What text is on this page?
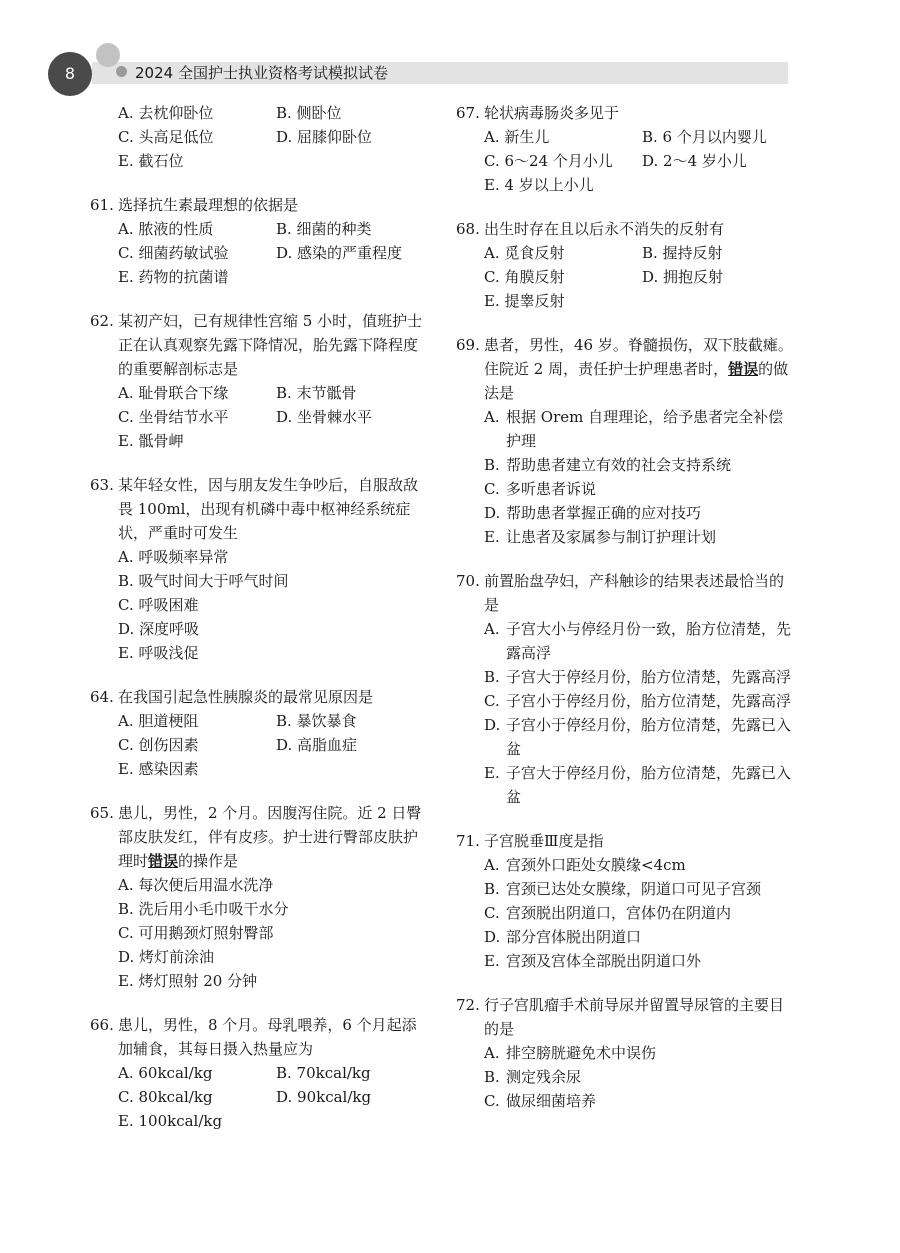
8	2024 全国护士执业资格考试模拟试卷
A. 去枕仰卧位	B. 侧卧位
C. 头高足低位	D. 屈膝仰卧位
E. 截石位
61. 选择抗生素最理想的依据是
A. 脓液的性质	B. 细菌的种类
C. 细菌药敏试验	D. 感染的严重程度
E. 药物的抗菌谱
62. 某初产妇，已有规律性宫缩 5 小时，值班护士正在认真观察先露下降情况，胎先露下降程度的重要解剖标志是
A. 耻骨联合下缘	B. 末节骶骨
C. 坐骨结节水平	D. 坐骨棘水平
E. 骶骨岬
63. 某年轻女性，因与朋友发生争吵后，自服敌敌畏 100ml，出现有机磷中毒中枢神经系统症状，严重时可发生
A. 呼吸频率异常
B. 吸气时间大于呼气时间
C. 呼吸困难
D. 深度呼吸
E. 呼吸浅促
64. 在我国引起急性胰腺炎的最常见原因是
A. 胆道梗阻	B. 暴饮暴食
C. 创伤因素	D. 高脂血症
E. 感染因素
65. 患儿，男性，2 个月。因腹泻住院。近 2 日臀部皮肤发红，伴有皮疹。护士进行臀部皮肤护理时错误的操作是
A. 每次便后用温水洗净
B. 洗后用小毛巾吸干水分
C. 可用鹅颈灯照射臀部
D. 烤灯前涂油
E. 烤灯照射 20 分钟
66. 患儿，男性，8 个月。母乳喂养，6 个月起添加辅食，其每日摄入热量应为
A. 60kcal/kg	B. 70kcal/kg
C. 80kcal/kg	D. 90kcal/kg
E. 100kcal/kg
67. 轮状病毒肠炎多见于
A. 新生儿	B. 6 个月以内婴儿
C. 6～24 个月小儿	D. 2～4 岁小儿
E. 4 岁以上小儿
68. 出生时存在且以后永不消失的反射有
A. 觅食反射	B. 握持反射
C. 角膜反射	D. 拥抱反射
E. 提睾反射
69. 患者，男性，46 岁。脊髓损伤，双下肢截瘫。住院近 2 周，责任护士护理患者时，错误的做法是
A. 根据 Orem 自理理论，给予患者完全补偿护理
B. 帮助患者建立有效的社会支持系统
C. 多听患者诉说
D. 帮助患者掌握正确的应对技巧
E. 让患者及家属参与制订护理计划
70. 前置胎盘孕妇，产科触诊的结果表述最恰当的是
A. 子宫大小与停经月份一致，胎方位清楚，先露高浮
B. 子宫大于停经月份，胎方位清楚，先露高浮
C. 子宫小于停经月份，胎方位清楚，先露高浮
D. 子宫小于停经月份，胎方位清楚，先露已入盆
E. 子宫大于停经月份，胎方位清楚，先露已入盆
71. 子宫脱垂Ⅲ度是指
A. 宫颈外口距处女膜缘<4cm
B. 宫颈已达处女膜缘，阴道口可见子宫颈
C. 宫颈脱出阴道口，宫体仍在阴道内
D. 部分宫体脱出阴道口
E. 宫颈及宫体全部脱出阴道口外
72. 行子宫肌瘤手术前导尿并留置导尿管的主要目的是
A. 排空膀胱避免术中误伤
B. 测定残余尿
C. 做尿细菌培养
